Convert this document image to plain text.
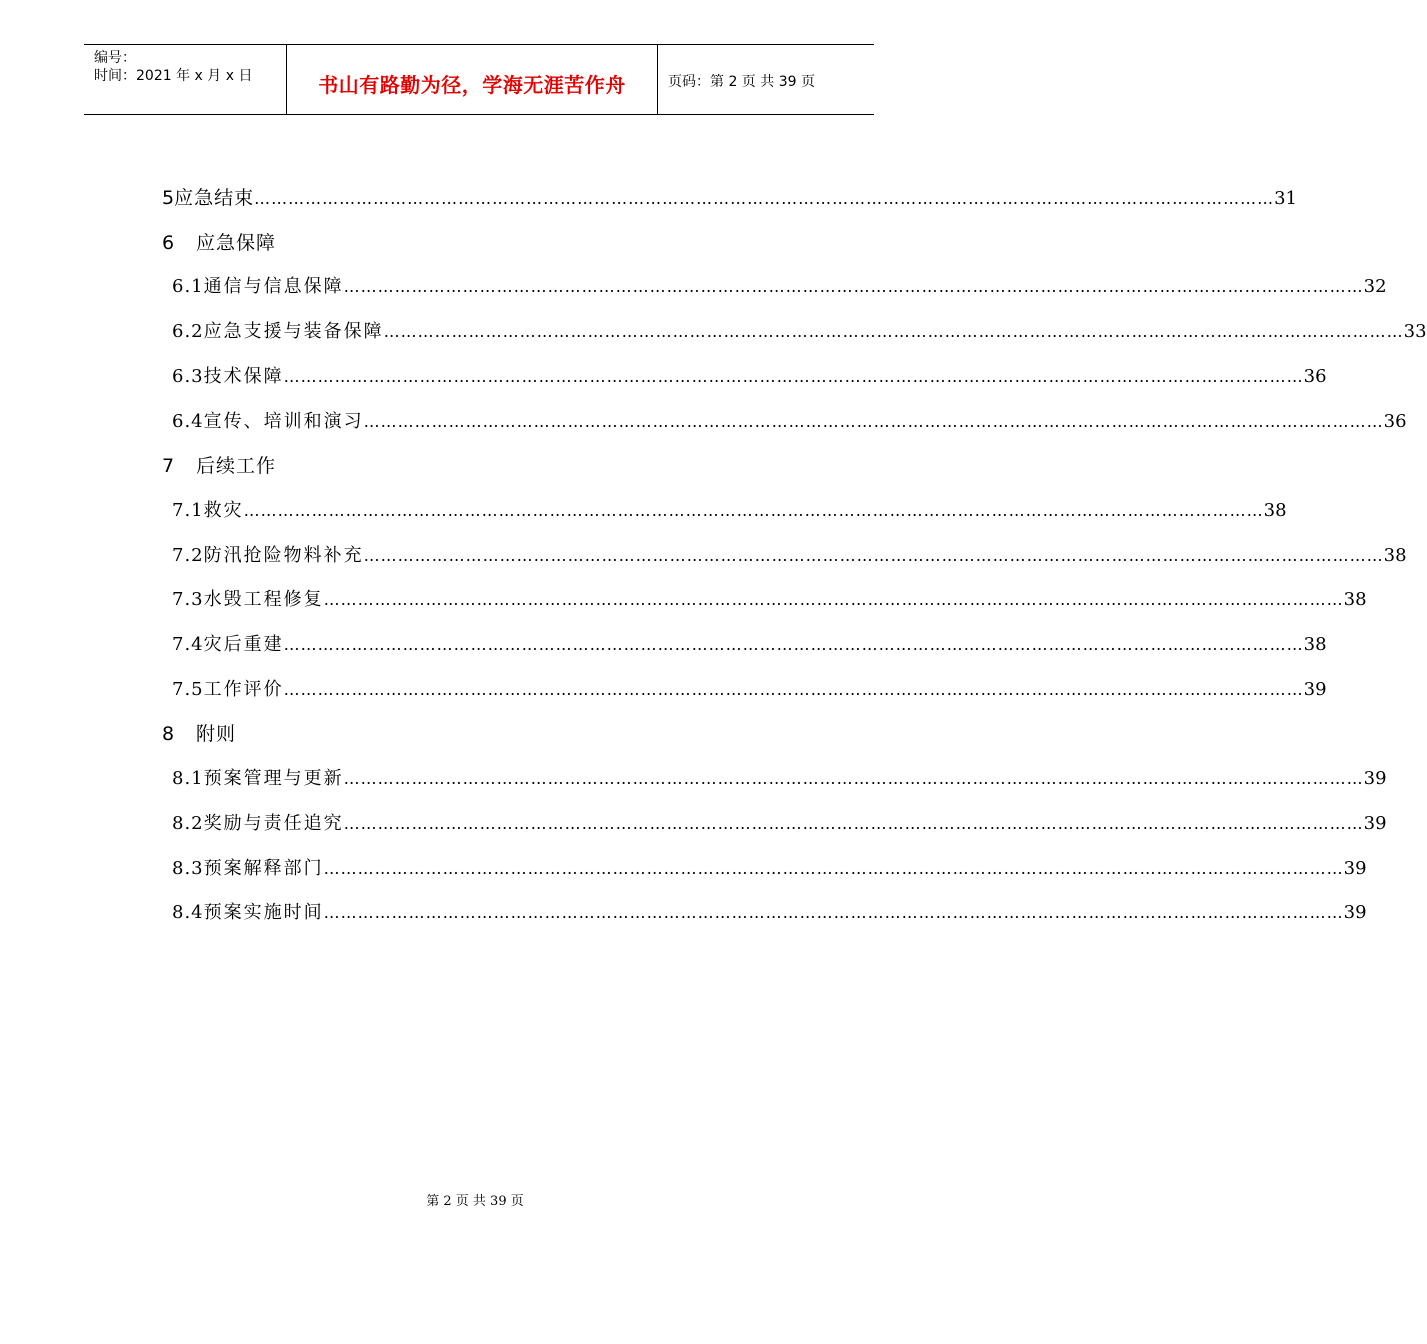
编号：
时间：2021 年 x 月 x 日	书山有路勤为径，学海无涯苦作舟	页码：第 2 页 共 39 页
5 应急结束 ……………………………………………………………………………………………………………………………………………………………… 31
6	应急保障
6.1 通信与信息保障 ……………………………………………………………………………………………………………………………………………………………… 32
6.2 应急支援与装备保障 ……………………………………………………………………………………………………………………………………………………………… 33
6.3 技术保障 ……………………………………………………………………………………………………………………………………………………………… 36
6.4 宣传、培训和演习 ……………………………………………………………………………………………………………………………………………………………… 36
7	后续工作
7.1 救灾 ……………………………………………………………………………………………………………………………………………………………… 38
7.2 防汛抢险物料补充 ……………………………………………………………………………………………………………………………………………………………… 38
7.3 水毁工程修复 ……………………………………………………………………………………………………………………………………………………………… 38
7.4 灾后重建 ……………………………………………………………………………………………………………………………………………………………… 38
7.5 工作评价 ……………………………………………………………………………………………………………………………………………………………… 39
8	附则
8.1 预案管理与更新 ……………………………………………………………………………………………………………………………………………………………… 39
8.2 奖励与责任追究 ……………………………………………………………………………………………………………………………………………………………… 39
8.3 预案解释部门 ……………………………………………………………………………………………………………………………………………………………… 39
8.4 预案实施时间 ……………………………………………………………………………………………………………………………………………………………… 39
第 2 页 共 39 页
